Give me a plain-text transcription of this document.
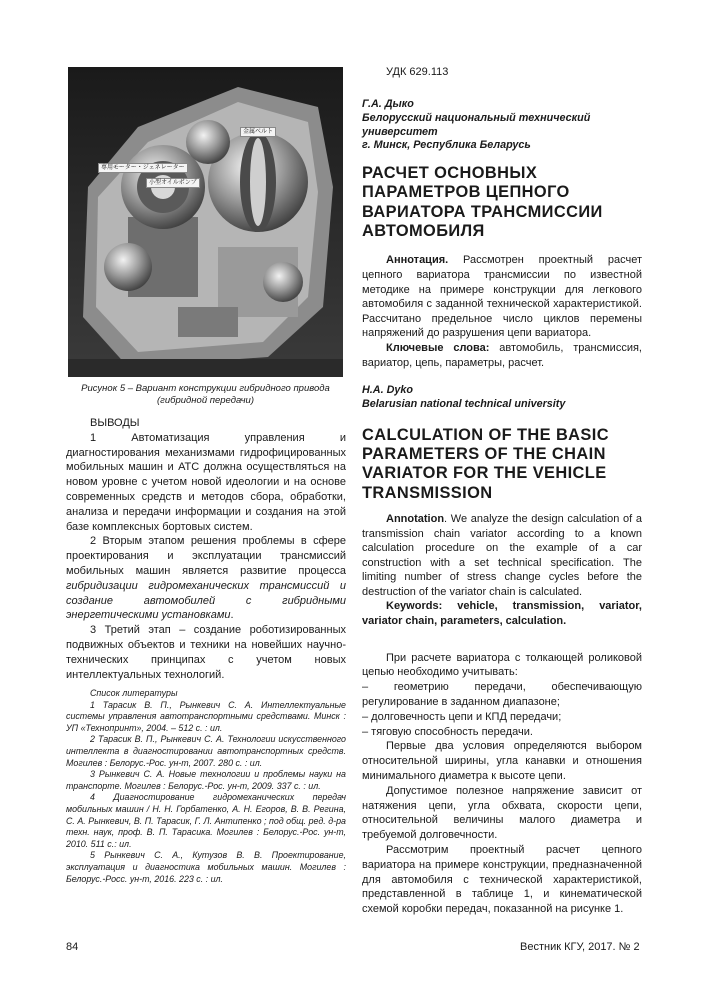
金属ベルト
専用モーター・ジェネレーター
小型オイルポンプ
Рисунок 5 – Вариант конструкции гибридного привода
(гибридной передачи)

ВЫВОДЫ

1 Автоматизация управления и диагностирования механизмами гидрофицированных мобильных машин и АТС должна осуществляться на новом уровне с учетом новой идеологии и на основе современных средств и методов сбора, обработки, анализа и передачи информации и создания на этой базе комплексных бортовых систем.

2 Вторым этапом решения проблемы в сфере проектирования и эксплуатации трансмиссий мобильных машин является развитие процесса гибридизации гидромеханических трансмиссий и создание автомобилей с гибридными энергетическими установками.

3 Третий этап – создание роботизированных подвижных объектов и техники на новейших научно-технических принципах с учетом новых интеллектуальных технологий.

Список литературы

1 Тарасик В. П., Рынкевич С. А. Интеллектуальные системы управления автотранспортными средствами. Минск : УП «Технопринт», 2004. – 512 с. : ил.

2 Тарасик В. П., Рынкевич С. А. Технологии искусственного интеллекта в диагностировании автотранспортных средств. Могилев : Белорус.-Рос. ун-т, 2007. 280 с. : ил.

3 Рынкевич С. А. Новые технологии и проблемы науки на транспорте. Могилев : Белорус.-Рос. ун-т, 2009. 337 с. : ил.

4 Диагностирование гидромеханических передач мобильных машин / Н. Н. Горбатенко, А. Н. Егоров, В. В. Регина, С. А. Рынкевич, В. П. Тарасик, Г. Л. Антипенко ; под общ. ред. д-ра техн. наук, проф. В. П. Тарасика. Могилев : Белорус.-Рос. ун-т, 2010. 511 с.: ил.

5 Рынкевич С. А., Кутузов В. В. Проектирование, эксплуатация и диагностика мобильных машин. Могилев : Белорус.-Росс. ун-т, 2016. 223 с. : ил.

УДК 629.113

Г.А. Дыко

Белорусский национальный технический университет

г. Минск, Республика Беларусь

РАСЧЕТ ОСНОВНЫХ ПАРАМЕТРОВ ЦЕПНОГО ВАРИАТОРА ТРАНСМИССИИ АВТОМОБИЛЯ

Аннотация. Рассмотрен проектный расчет цепного вариатора трансмиссии по известной методике на примере конструкции для легкового автомобиля с заданной технической характеристикой. Рассчитано предельное число циклов перемены напряжений до разрушения цепи вариатора.

Ключевые слова: автомобиль, трансмиссия, вариатор, цепь, параметры, расчет.

H.A. Dyko

Belarusian national technical university

CALCULATION OF THE BASIC PARAMETERS OF THE CHAIN VARIATOR FOR THE VEHICLE TRANSMISSION

Annotation. We analyze the design calculation of a transmission chain variator according to a known calculation procedure on the example of a car construction with a set technical specification. The limiting number of stress change cycles before the destruction of the variator chain is calculated.

Keywords: vehicle, transmission, variator, variator chain, parameters, calculation.

При расчете вариатора с толкающей роликовой цепью необходимо учитывать:

– геометрию передачи, обеспечивающую регулирование в заданном диапазоне;

– долговечность цепи и КПД передачи;

– тяговую способность передачи.

Первые два условия определяются выбором относительной ширины, угла канавки и отношения минимального диаметра к высоте цепи.

Допустимое полезное напряжение зависит от натяжения цепи, угла обхвата, скорости цепи, относительной величины малого диаметра и требуемой долговечности.

Рассмотрим проектный расчет цепного вариатора на примере конструкции, предназначенной для автомобиля с технической характеристикой, представленной в таблице 1, и кинематической схемой коробки передач, показанной на рисунке 1.

84	Вестник КГУ, 2017. № 2
